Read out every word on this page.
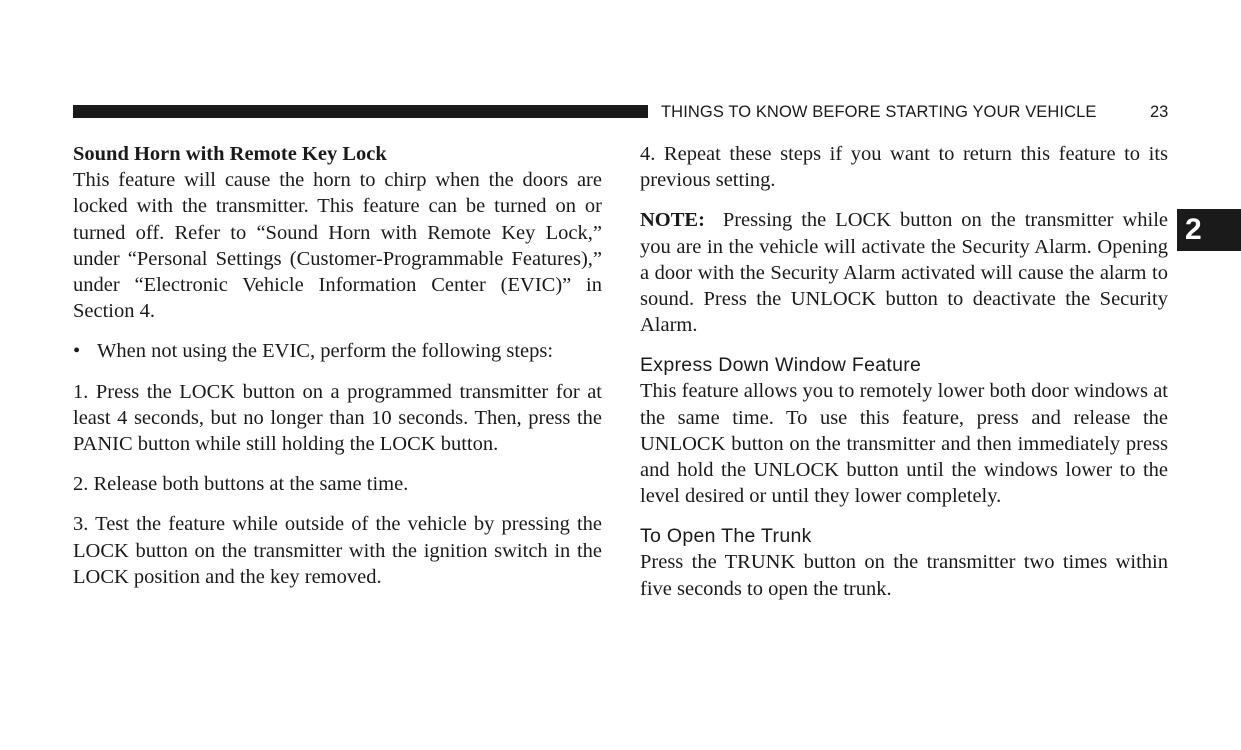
THINGS TO KNOW BEFORE STARTING YOUR VEHICLE	23
2

Sound Horn with Remote Key Lock
This feature will cause the horn to chirp when the doors are locked with the transmitter. This feature can be turned on or turned off. Refer to “Sound Horn with Remote Key Lock,” under “Personal Settings (Customer-Programmable Features),” under “Electronic Vehicle Information Center (EVIC)” in Section 4.

• When not using the EVIC, perform the following steps:

1. Press the LOCK button on a programmed transmitter for at least 4 seconds, but no longer than 10 seconds. Then, press the PANIC button while still holding the LOCK button.

2. Release both buttons at the same time.

3. Test the feature while outside of the vehicle by pressing the LOCK button on the transmitter with the ignition switch in the LOCK position and the key removed.

4. Repeat these steps if you want to return this feature to its previous setting.

NOTE: Pressing the LOCK button on the transmitter while you are in the vehicle will activate the Security Alarm. Opening a door with the Security Alarm activated will cause the alarm to sound. Press the UNLOCK button to deactivate the Security Alarm.

Express Down Window Feature
This feature allows you to remotely lower both door windows at the same time. To use this feature, press and release the UNLOCK button on the transmitter and then immediately press and hold the UNLOCK button until the windows lower to the level desired or until they lower completely.

To Open The Trunk
Press the TRUNK button on the transmitter two times within five seconds to open the trunk.
